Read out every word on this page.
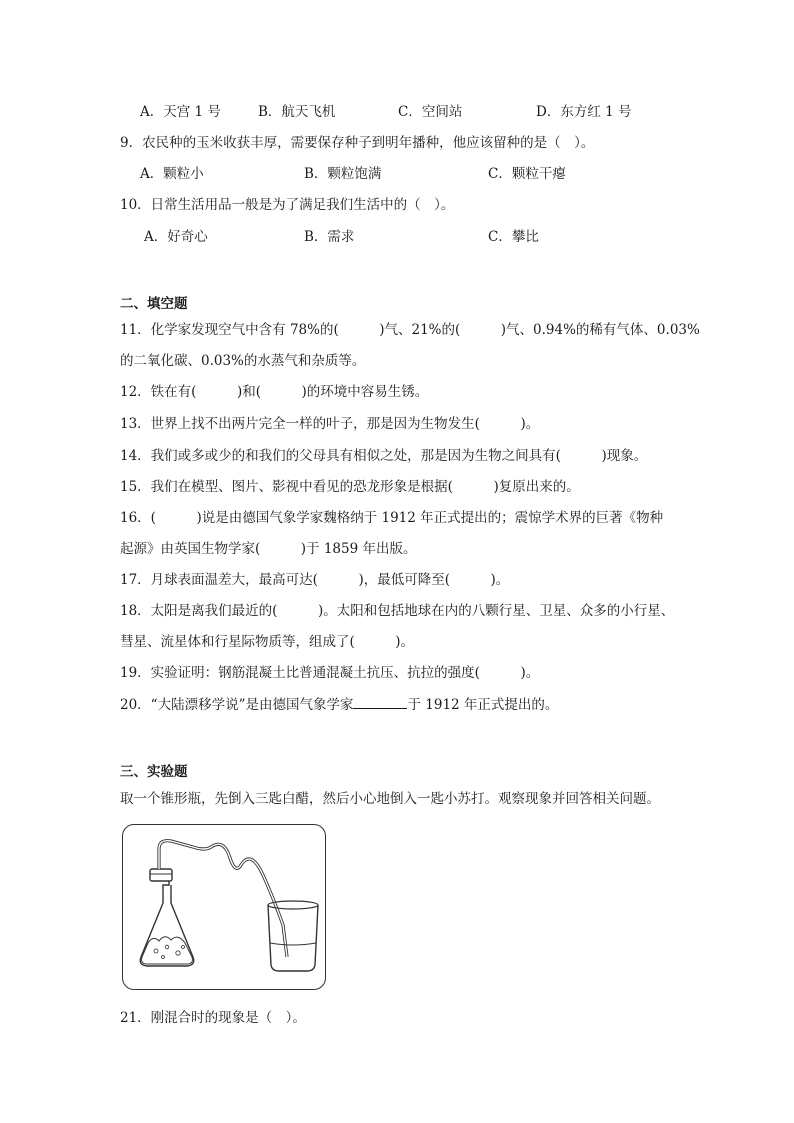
A．天宫 1 号	B．航天飞机	C．空间站	D．东方红 1 号
9．农民种的玉米收获丰厚，需要保存种子到明年播种，他应该留种的是（　）。
A．颗粒小	B．颗粒饱满	C．颗粒干瘪
10．日常生活用品一般是为了满足我们生活中的（　）。
A．好奇心	B．需求	C．攀比
二、填空题
11．化学家发现空气中含有 78%的(　　　)气、21%的(　　　)气、0.94%的稀有气体、0.03%
的二氧化碳、0.03%的水蒸气和杂质等。
12．铁在有(　　　)和(　　　)的环境中容易生锈。
13．世界上找不出两片完全一样的叶子，那是因为生物发生(　　　)。
14．我们或多或少的和我们的父母具有相似之处，那是因为生物之间具有(　　　)现象。
15．我们在模型、图片、影视中看见的恐龙形象是根据(　　　)复原出来的。
16．(　　　)说是由德国气象学家魏格纳于 1912 年正式提出的；震惊学术界的巨著《物种
起源》由英国生物学家(　　　)于 1859 年出版。
17．月球表面温差大，最高可达(　　　)，最低可降至(　　　)。
18．太阳是离我们最近的(　　　)。太阳和包括地球在内的八颗行星、卫星、众多的小行星、
彗星、流星体和行星际物质等，组成了(　　　)。
19．实验证明：钢筋混凝土比普通混凝土抗压、抗拉的强度(　　　)。
20．“大陆漂移学说”是由德国气象学家	于 1912 年正式提出的。
三、实验题
取一个锥形瓶，先倒入三匙白醋，然后小心地倒入一匙小苏打。观察现象并回答相关问题。
21．刚混合时的现象是（　）。
